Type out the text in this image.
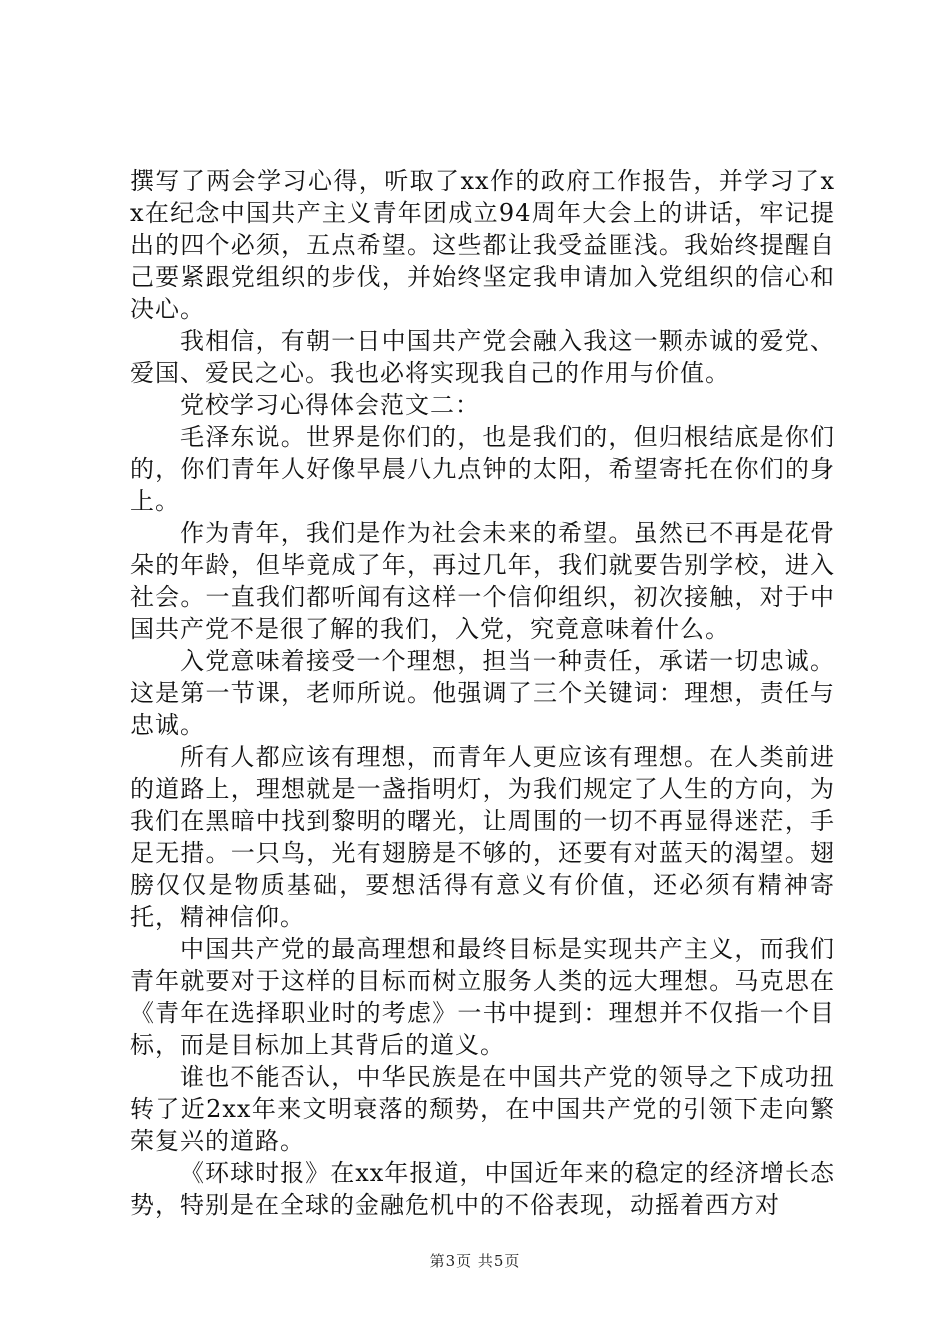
撰写了两会学习心得，听取了xx作的政府工作报告，并学习了xx在纪念中国共产主义青年团成立94周年大会上的讲话，牢记提出的四个必须，五点希望。这些都让我受益匪浅。我始终提醒自己要紧跟党组织的步伐，并始终坚定我申请加入党组织的信心和决心。

我相信，有朝一日中国共产党会融入我这一颗赤诚的爱党、爱国、爱民之心。我也必将实现我自己的作用与价值。

党校学习心得体会范文二：

毛泽东说。世界是你们的，也是我们的，但归根结底是你们的，你们青年人好像早晨八九点钟的太阳，希望寄托在你们的身上。

作为青年，我们是作为社会未来的希望。虽然已不再是花骨朵的年龄，但毕竟成了年，再过几年，我们就要告别学校，进入社会。一直我们都听闻有这样一个信仰组织，初次接触，对于中国共产党不是很了解的我们，入党，究竟意味着什么。

入党意味着接受一个理想，担当一种责任，承诺一切忠诚。这是第一节课，老师所说。他强调了三个关键词：理想，责任与忠诚。

所有人都应该有理想，而青年人更应该有理想。在人类前进的道路上，理想就是一盏指明灯，为我们规定了人生的方向，为我们在黑暗中找到黎明的曙光，让周围的一切不再显得迷茫，手足无措。一只鸟，光有翅膀是不够的，还要有对蓝天的渴望。翅膀仅仅是物质基础，要想活得有意义有价值，还必须有精神寄托，精神信仰。

中国共产党的最高理想和最终目标是实现共产主义，而我们青年就要对于这样的目标而树立服务人类的远大理想。马克思在《青年在选择职业时的考虑》一书中提到：理想并不仅指一个目标，而是目标加上其背后的道义。

谁也不能否认，中华民族是在中国共产党的领导之下成功扭转了近2xx年来文明衰落的颓势，在中国共产党的引领下走向繁荣复兴的道路。

《环球时报》在xx年报道，中国近年来的稳定的经济增长态势，特别是在全球的金融危机中的不俗表现，动摇着西方对

第3页 共5页
